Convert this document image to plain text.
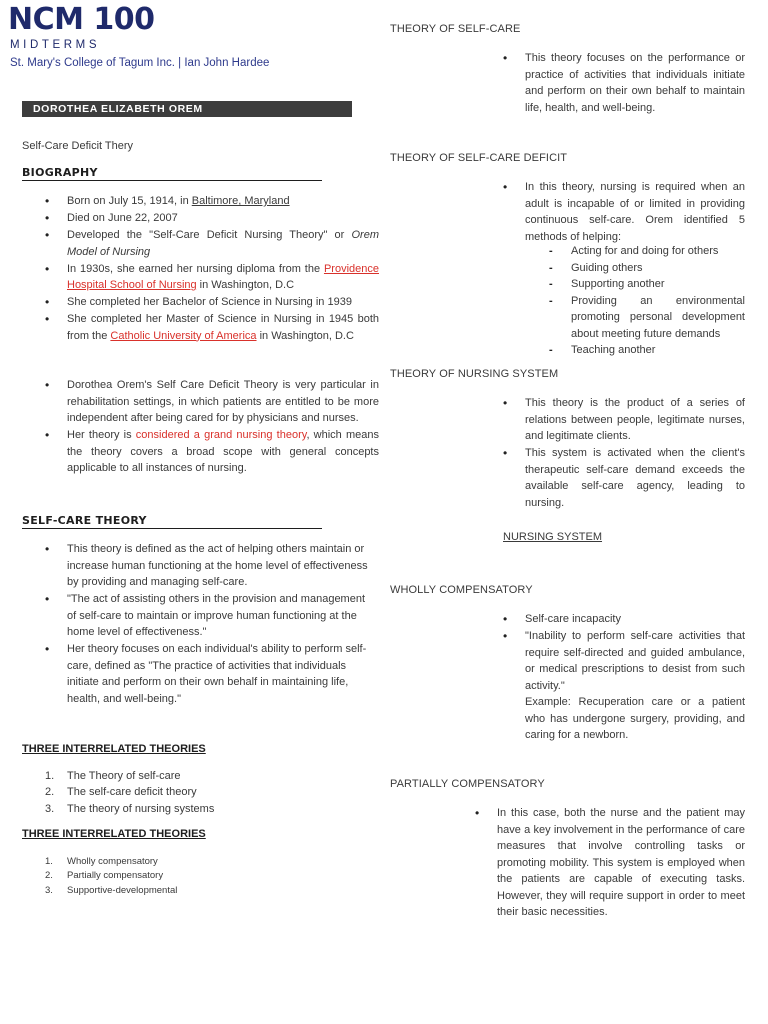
NCM 100
MIDTERMS
St. Mary's College of Tagum Inc. | Ian John Hardee
DOROTHEA ELIZABETH OREM
Self-Care Deficit Thery
BIOGRAPHY
• Born on July 15, 1914, in Baltimore, Maryland
• Died on June 22, 2007
• Developed the "Self-Care Deficit Nursing Theory" or Orem Model of Nursing
• In 1930s, she earned her nursing diploma from the Providence Hospital School of Nursing in Washington, D.C
• She completed her Bachelor of Science in Nursing in 1939
• She completed her Master of Science in Nursing in 1945 both from the Catholic University of America in Washington, D.C
• Dorothea Orem's Self Care Deficit Theory is very particular in rehabilitation settings, in which patients are entitled to be more independent after being cared for by physicians and nurses.
• Her theory is considered a grand nursing theory, which means the theory covers a broad scope with general concepts applicable to all instances of nursing.
SELF-CARE THEORY
• This theory is defined as the act of helping others maintain or increase human functioning at the home level of effectiveness by providing and managing self-care.
• "The act of assisting others in the provision and management of self-care to maintain or improve human functioning at the home level of effectiveness."
• Her theory focuses on each individual's ability to perform self-care, defined as "The practice of activities that individuals initiate and perform on their own behalf in maintaining life, health, and well-being."
THREE INTERRELATED THEORIES
1. The Theory of self-care
2. The self-care deficit theory
3. The theory of nursing systems
THREE INTERRELATED THEORIES
1. Wholly compensatory
2. Partially compensatory
3. Supportive-developmental
THEORY OF SELF-CARE
• This theory focuses on the performance or practice of activities that individuals initiate and perform on their own behalf to maintain life, health, and well-being.
THEORY OF SELF-CARE DEFICIT
• In this theory, nursing is required when an adult is incapable of or limited in providing continuous self-care. Orem identified 5 methods of helping:
- Acting for and doing for others
- Guiding others
- Supporting another
- Providing an environmental promoting personal development about meeting future demands
- Teaching another
THEORY OF NURSING SYSTEM
• This theory is the product of a series of relations between people, legitimate nurses, and legitimate clients.
• This system is activated when the client's therapeutic self-care demand exceeds the available self-care agency, leading to nursing.
NURSING SYSTEM
WHOLLY COMPENSATORY
• Self-care incapacity
• "Inability to perform self-care activities that require self-directed and guided ambulance, or medical prescriptions to desist from such activity."
Example: Recuperation care or a patient who has undergone surgery, providing, and caring for a newborn.
PARTIALLY COMPENSATORY
• In this case, both the nurse and the patient may have a key involvement in the performance of care measures that involve controlling tasks or promoting mobility. This system is employed when the patients are capable of executing tasks. However, they will require support in order to meet their basic necessities.
